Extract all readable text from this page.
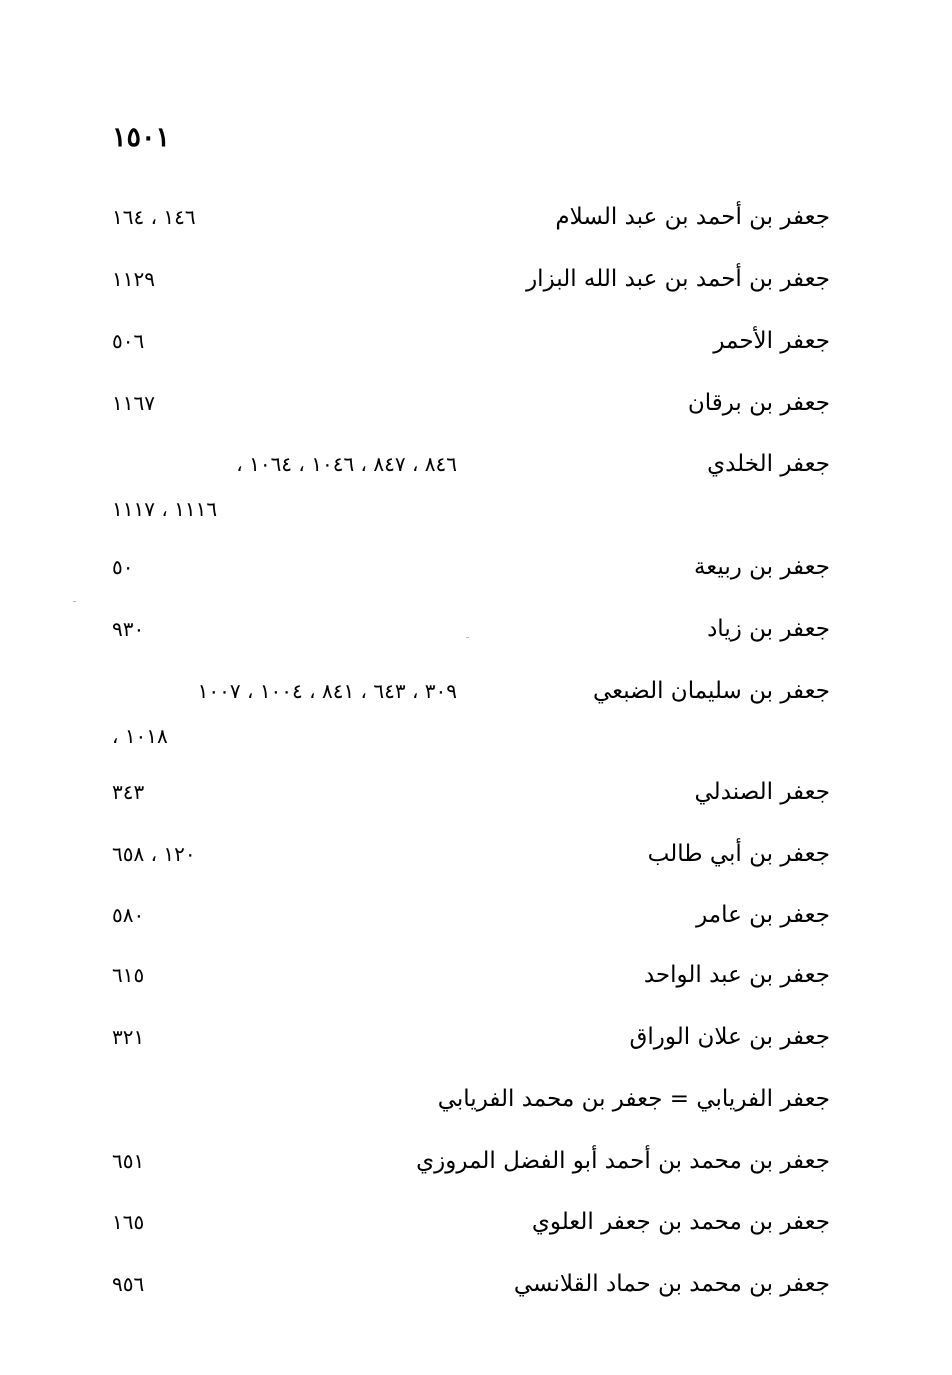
١٥٠١
جعفر بن أحمد بن عبد السلام
١٤٦ ، ١٦٤
جعفر بن أحمد بن عبد الله البزار
١١٢٩
جعفر الأحمر
٥٠٦
جعفر بن برقان
١١٦٧
جعفر الخلدي
٨٤٦ ، ٨٤٧ ، ١٠٤٦ ، ١٠٦٤ ،
١١١٦ ، ١١١٧
جعفر بن ربيعة
٥٠
جعفر بن زياد
٩٣٠
جعفر بن سليمان الضبعي
٣٠٩ ، ٦٤٣ ، ٨٤١ ، ١٠٠٤ ، ١٠٠٧
، ١٠١٨
جعفر الصندلي
٣٤٣
جعفر بن أبي طالب
١٢٠ ، ٦٥٨
جعفر بن عامر
٥٨٠
جعفر بن عبد الواحد
٦١٥
جعفر بن علان الوراق
٣٢١
جعفر الفريابي = جعفر بن محمد الفريابي
جعفر بن محمد بن أحمد أبو الفضل المروزي
٦٥١
جعفر بن محمد بن جعفر العلوي
١٦٥
جعفر بن محمد بن حماد القلانسي
٩٥٦
